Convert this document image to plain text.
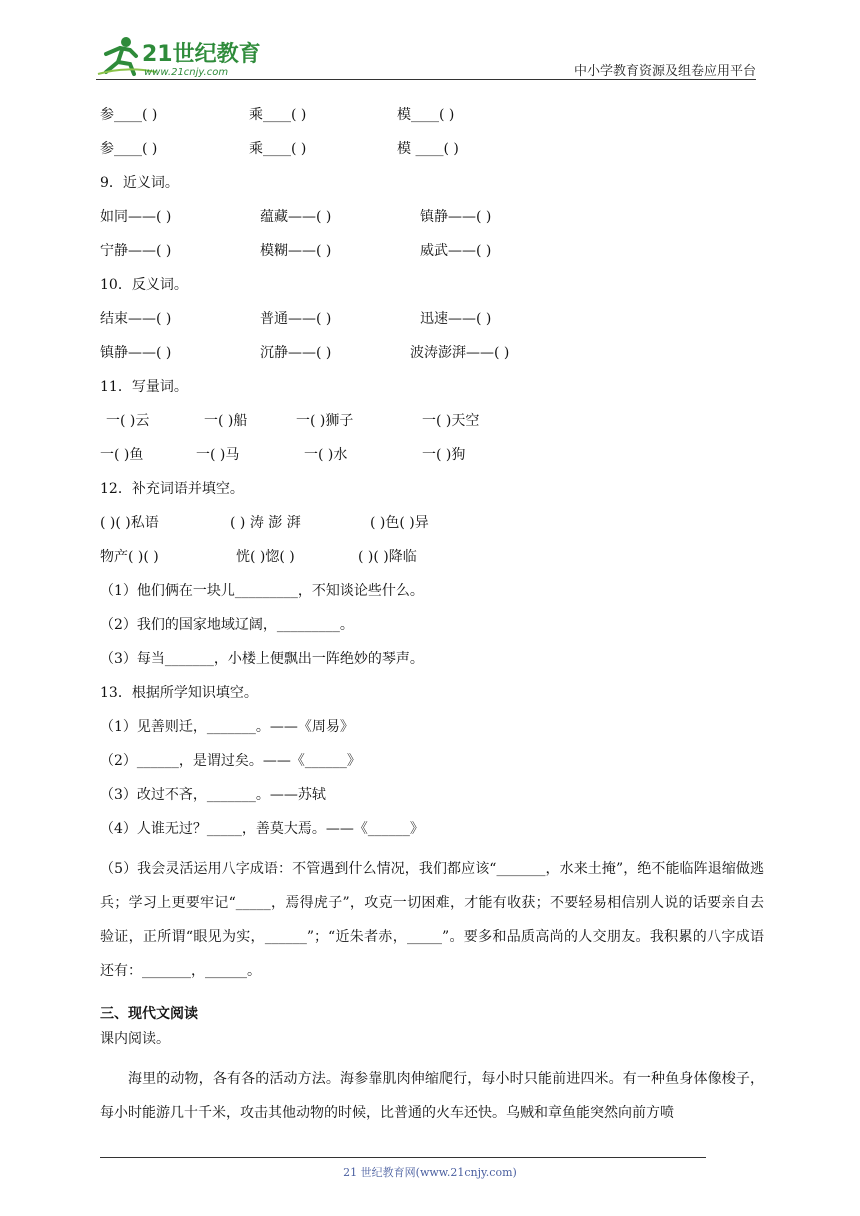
21世纪教育
www.21cnjy.com	中小学教育资源及组卷应用平台
参____( )	乘____( )	模____( )
参____( )	乘____( )	模 ____( )
9．近义词。
如同——( )	蕴藏——( )	镇静——( )
宁静——( )	模糊——( )	威武——( )
10．反义词。
结束——( )	普通——( )	迅速——( )
镇静——( )	沉静——( )	波涛澎湃——( )
11．写量词。
一( )云	一( )船	一( )狮子	一( )天空
一( )鱼	一( )马	一( )水	一( )狗
12．补充词语并填空。
( )( )私语	( ) 涛 澎 湃	( )色( )异
物产( )( )	恍( )惚( )	( )( )降临
（1）他们俩在一块儿_________，不知谈论些什么。
（2）我们的国家地域辽阔，_________。
（3）每当_______，小楼上便飘出一阵绝妙的琴声。
13．根据所学知识填空。
（1）见善则迁，_______。——《周易》
（2）______，是谓过矣。——《______》
（3）改过不吝，_______。——苏轼
（4）人谁无过？_____，善莫大焉。——《______》
（5）我会灵活运用八字成语：不管遇到什么情况，我们都应该“_______，水来土掩”，绝不能临阵退缩做逃兵；学习上更要牢记“_____，焉得虎子”，攻克一切困难，才能有收获；不要轻易相信别人说的话要亲自去验证，正所谓“眼见为实，______”；“近朱者赤，_____”。要多和品质高尚的人交朋友。我积累的八字成语还有：_______，______。
三、现代文阅读
课内阅读。
海里的动物，各有各的活动方法。海参靠肌肉伸缩爬行，每小时只能前进四米。有一种鱼身体像梭子，每小时能游几十千米，攻击其他动物的时候，比普通的火车还快。乌贼和章鱼能突然向前方喷
21 世纪教育网(www.21cnjy.com)
